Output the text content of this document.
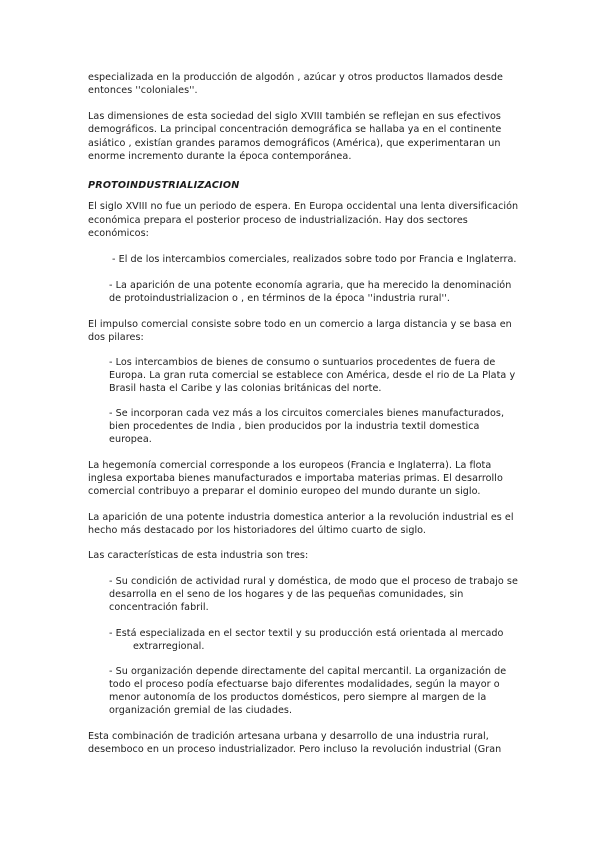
especializada en la producción de algodón , azúcar y otros productos llamados desde
entonces ''coloniales''.
Las dimensiones de esta sociedad del siglo XVIII también se reflejan en sus efectivos
demográficos. La principal concentración demográfica se hallaba ya en el continente
asiático , existían grandes paramos demográficos (América), que experimentaran un
enorme incremento durante la época contemporánea.
PROTOINDUSTRIALIZACION
El siglo XVIII no fue un periodo de espera. En Europa occidental una lenta diversificación
económica prepara el posterior proceso de industrialización. Hay dos sectores
económicos:
- El de los intercambios comerciales, realizados sobre todo por Francia e Inglaterra.
- La aparición de una potente economía agraria, que ha merecido la denominación
de protoindustrializacion o , en términos de la época ''industria rural''.
El impulso comercial consiste sobre todo en un comercio a larga distancia y se basa en
dos pilares:
- Los intercambios de bienes de consumo o suntuarios procedentes de fuera de
Europa. La gran ruta comercial se establece con América, desde el rio de La Plata y
Brasil hasta el Caribe y las colonias británicas del norte.
- Se incorporan cada vez más a los circuitos comerciales bienes manufacturados,
bien procedentes de India , bien producidos por la industria textil domestica
europea.
La hegemonía comercial corresponde a los europeos (Francia e Inglaterra). La flota
inglesa exportaba bienes manufacturados e importaba materias primas. El desarrollo
comercial contribuyo a preparar el dominio europeo del mundo durante un siglo.
La aparición de una potente industria domestica anterior a la revolución industrial es el
hecho más destacado por los historiadores del último cuarto de siglo.
Las características de esta industria son tres:
- Su condición de actividad rural y doméstica, de modo que el proceso de trabajo se
desarrolla en el seno de los hogares y de las pequeñas comunidades, sin
concentración fabril.
- Está especializada en el sector textil y su producción está orientada al mercado
extrarregional.
- Su organización depende directamente del capital mercantil. La organización de
todo el proceso podía efectuarse bajo diferentes modalidades, según la mayor o
menor autonomía de los productos domésticos, pero siempre al margen de la
organización gremial de las ciudades.
Esta combinación de tradición artesana urbana y desarrollo de una industria rural,
desemboco en un proceso industrializador. Pero incluso la revolución industrial (Gran
